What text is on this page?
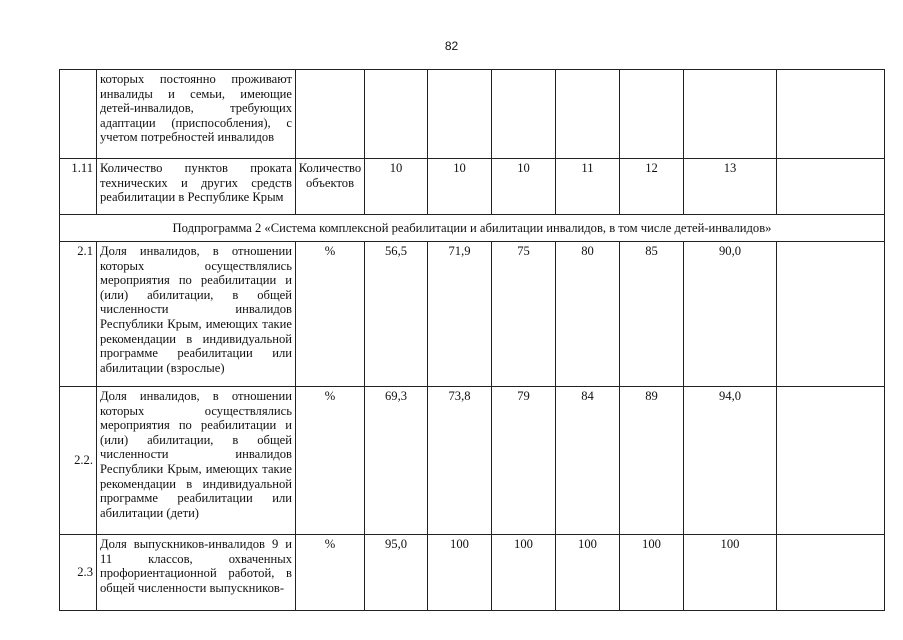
82
	которых постоянно проживают инвалиды и семьи, имеющие детей-инвалидов, требующих адаптации (приспособления), с учетом потребностей инвалидов								
1.11	Количество пунктов проката технических и других средств реабилитации в Республике Крым	Количество объектов	10	10	10	11	12	13	
Подпрограмма 2 «Система комплексной реабилитации и абилитации инвалидов, в том числе детей-инвалидов»									
2.1	Доля инвалидов, в отношении которых осуществлялись мероприятия по реабилитации и (или) абилитации, в общей численности инвалидов Республики Крым, имеющих такие рекомендации в индивидуальной программе реабилитации или абилитации (взрослые)	%	56,5	71,9	75	80	85	90,0	
2.2.	Доля инвалидов, в отношении которых осуществлялись мероприятия по реабилитации и (или) абилитации, в общей численности инвалидов Республики Крым, имеющих такие рекомендации в индивидуальной программе реабилитации или абилитации (дети)	%	69,3	73,8	79	84	89	94,0	
2.3	Доля выпускников-инвалидов 9 и 11 классов, охваченных профориентационной работой, в общей численности выпускников-	%	95,0	100	100	100	100	100	
